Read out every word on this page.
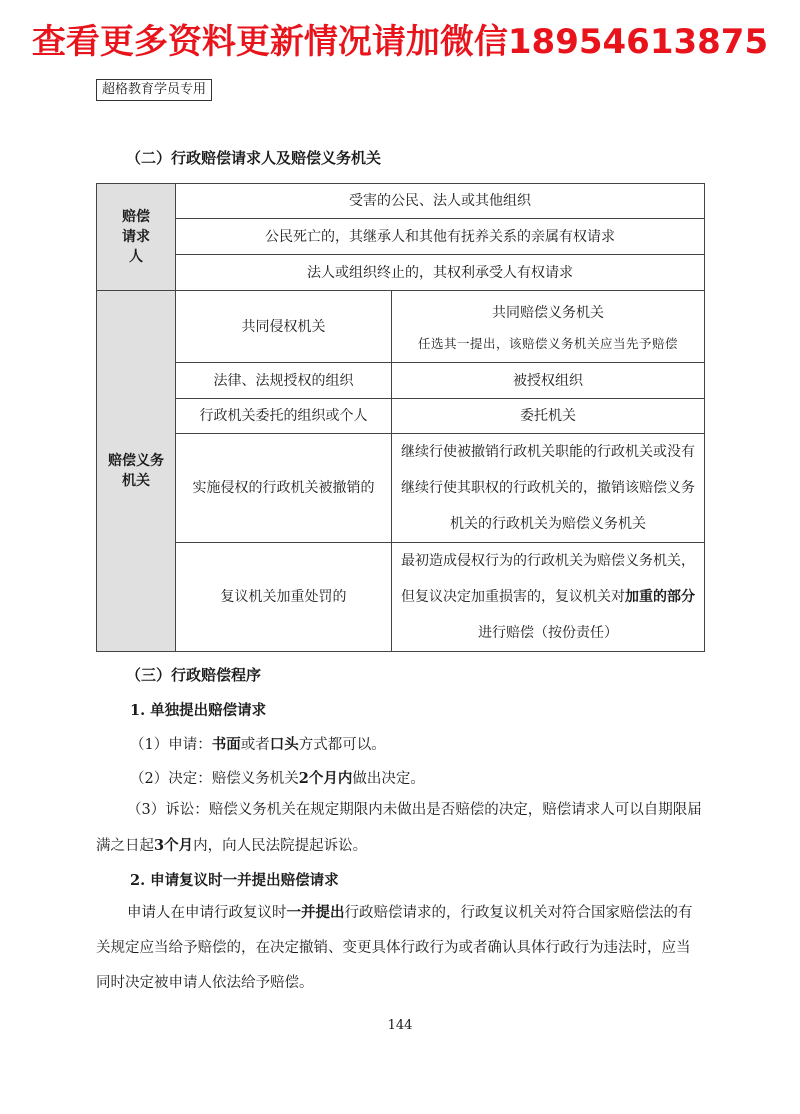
查看更多资料更新情况请加微信18954613875
超格教育学员专用
（二）行政赔偿请求人及赔偿义务机关
赔偿请求人	受害的公民、法人或其他组织	
	公民死亡的，其继承人和其他有抚养关系的亲属有权请求	
	法人或组织终止的，其权利承受人有权请求	

赔偿义务机关	共同侵权机关	共同赔偿义务机关
任选其一提出，该赔偿义务机关应当先予赔偿

	法律、法规授权的组织	被授权组织
	行政机关委托的组织或个人	委托机关
	实施侵权的行政机关被撤销的	继续行使被撤销行政机关职能的行政机关或没有继续行使其职权的行政机关的，撤销该赔偿义务机关的行政机关为赔偿义务机关
	复议机关加重处罚的	最初造成侵权行为的行政机关为赔偿义务机关，但复议决定加重损害的，复议机关对加重的部分进行赔偿（按份责任）
（三）行政赔偿程序
1. 单独提出赔偿请求
（1）申请：书面或者口头方式都可以。
（2）决定：赔偿义务机关2个月内做出决定。
（3）诉讼：赔偿义务机关在规定期限内未做出是否赔偿的决定，赔偿请求人可以自期限届满之日起3个月内，向人民法院提起诉讼。
2. 申请复议时一并提出赔偿请求
申请人在申请行政复议时一并提出行政赔偿请求的，行政复议机关对符合国家赔偿法的有关规定应当给予赔偿的，在决定撤销、变更具体行政行为或者确认具体行政行为违法时，应当同时决定被申请人依法给予赔偿。
144
